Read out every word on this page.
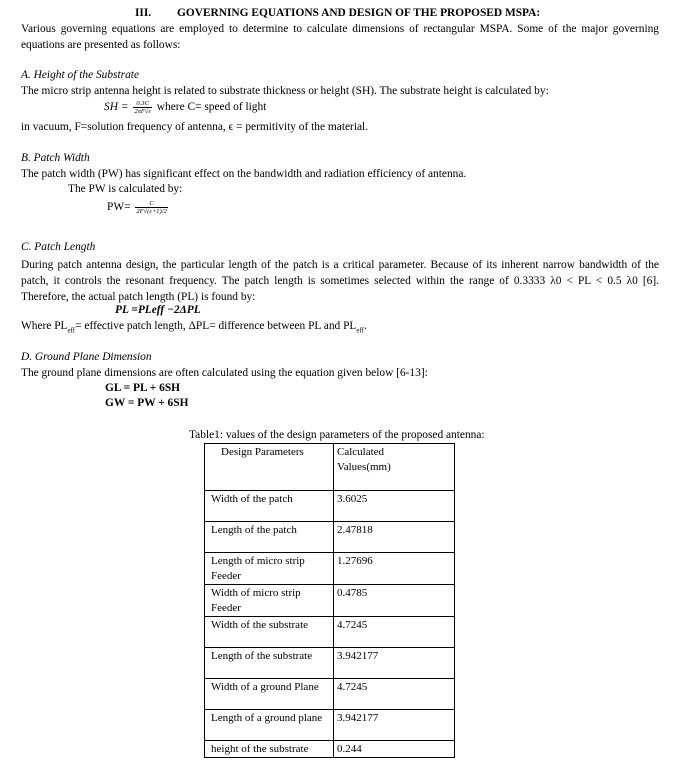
III. GOVERNING EQUATIONS AND DESIGN OF THE PROPOSED MSPA:
Various governing equations are employed to determine to calculate dimensions of rectangular MSPA. Some of the major governing equations are presented as follows:
A. Height of the Substrate
The micro strip antenna height is related to substrate thickness or height (SH). The substrate height is calculated by:
SH = $\frac{0.3C}{2\pi F√\varepsilon}$ where C= speed of light
in vacuum, F=solution frequency of antenna, ϵ = permitivity of the material.
B. Patch Width
The patch width (PW) has significant effect on the bandwidth and radiation efficiency of antenna.
The PW is calculated by:
$PW= \frac{C}{2F√(\varepsilon+1)/2}$
C. Patch Length
During patch antenna design, the particular length of the patch is a critical parameter. Because of its inherent narrow bandwidth of the patch, it controls the resonant frequency. The patch length is sometimes selected within the range of 0.3333 λ0 < PL < 0.5 λ0 [6]. Therefore, the actual patch length (PL) is found by:
PL =PLeff −2ΔPL
Where $PL_{eff}=$ effective patch length, ΔPL= difference between PL and $PL_{eff}$.
D. Ground Plane Dimension
The ground plane dimensions are often calculated using the equation given below [6-13]:
GL = PL + 6SH
GW = PW + 6SH
Table1: values of the design parameters of the proposed antenna:
Design Parameters	Calculated Values(mm)
Width of the patch	3.6025
Length of the patch	2.47818
Length of micro strip Feeder	1.27696
Width of micro strip Feeder	0.4785
Width of the substrate	4.7245
Length of the substrate	3.942177
Width of a ground Plane	4.7245
Length of a ground plane	3.942177
height of the substrate	0.244
